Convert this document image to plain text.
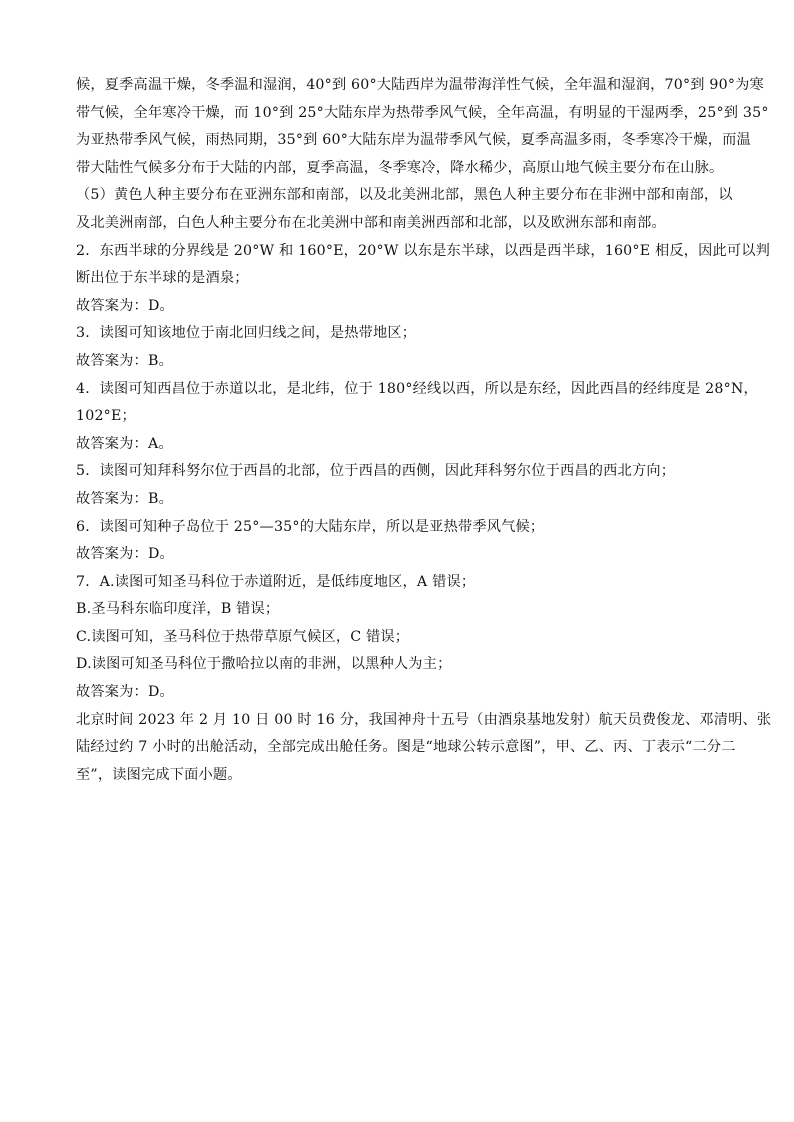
候，夏季高温干燥，冬季温和湿润，40°到 60°大陆西岸为温带海洋性气候，全年温和湿润，70°到 90°为寒
带气候，全年寒冷干燥，而 10°到 25°大陆东岸为热带季风气候，全年高温，有明显的干湿两季，25°到 35°
为亚热带季风气候，雨热同期，35°到 60°大陆东岸为温带季风气候，夏季高温多雨，冬季寒冷干燥，而温
带大陆性气候多分布于大陆的内部，夏季高温，冬季寒冷，降水稀少，高原山地气候主要分布在山脉。
（5）黄色人种主要分布在亚洲东部和南部，以及北美洲北部，黑色人种主要分布在非洲中部和南部，以
及北美洲南部，白色人种主要分布在北美洲中部和南美洲西部和北部，以及欧洲东部和南部。
2．东西半球的分界线是 20°W 和 160°E，20°W 以东是东半球，以西是西半球，160°E 相反，因此可以判
断出位于东半球的是酒泉；
故答案为：D。
3．读图可知该地位于南北回归线之间，是热带地区；
故答案为：B。
4．读图可知西昌位于赤道以北，是北纬，位于 180°经线以西，所以是东经，因此西昌的经纬度是 28°N，
102°E；
故答案为：A。
5．读图可知拜科努尔位于西昌的北部，位于西昌的西侧，因此拜科努尔位于西昌的西北方向；
故答案为：B。
6．读图可知种子岛位于 25°—35°的大陆东岸，所以是亚热带季风气候；
故答案为：D。
7．A.读图可知圣马科位于赤道附近，是低纬度地区，A 错误；
B.圣马科东临印度洋，B 错误；
C.读图可知，圣马科位于热带草原气候区，C 错误；
D.读图可知圣马科位于撒哈拉以南的非洲，以黑种人为主；
故答案为：D。
北京时间 2023 年 2 月 10 日 00 时 16 分，我国神舟十五号（由酒泉基地发射）航天员费俊龙、邓清明、张
陆经过约 7 小时的出舱活动，全部完成出舱任务。图是“地球公转示意图”，甲、乙、丙、丁表示“二分二
至”，读图完成下面小题。
